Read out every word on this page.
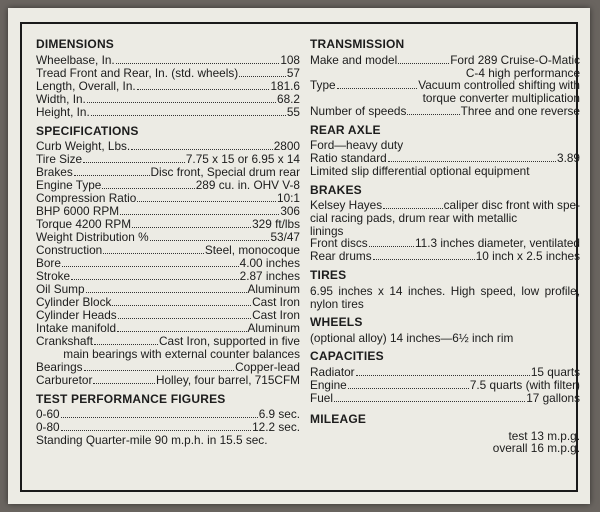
DIMENSIONS
Wheelbase, In.	108
Tread Front and Rear, In. (std. wheels)	57
Length, Overall, In.	181.6
Width, In.	68.2
Height, In.	55
SPECIFICATIONS
Curb Weight, Lbs.	2800
Tire Size	7.75 x 15 or 6.95 x 14
Brakes	Disc front, Special drum rear
Engine Type	289 cu. in. OHV V-8
Compression Ratio	10:1
BHP 6000 RPM	306
Torque 4200 RPM	329 ft/lbs
Weight Distribution %	53/47
Construction	Steel, monocoque
Bore	4.00 inches
Stroke	2.87 inches
Oil Sump	Aluminum
Cylinder Block	Cast Iron
Cylinder Heads	Cast Iron
Intake manifold	Aluminum
Crankshaft	Cast Iron, supported in five
main bearings with external counter balances
Bearings	Copper-lead
Carburetor	Holley, four barrel, 715CFM
TEST PERFORMANCE FIGURES
0-60	6.9 sec.
0-80	12.2 sec.
Standing Quarter-mile 90 m.p.h. in 15.5 sec.
TRANSMISSION
Make and model	Ford 289 Cruise-O-Matic
C-4 high performance
Type	Vacuum controlled shifting with
torque converter multiplication
Number of speeds	Three and one reverse
REAR AXLE
Ford—heavy duty
Ratio standard	3.89
Limited slip differential optional equipment
BRAKES
Kelsey Hayes	caliper disc front with spe-
cial racing pads, drum rear with metallic
linings
Front discs	11.3 inches diameter, ventilated
Rear drums	10 inch x 2.5 inches
TIRES
6.95 inches x 14 inches. High speed, low profile, nylon tires
WHEELS
(optional alloy) 14 inches—6½ inch rim
CAPACITIES
Radiator	15 quarts
Engine	7.5 quarts (with filter)
Fuel	17 gallons
MILEAGE
test 13 m.p.g.
overall 16 m.p.g.
